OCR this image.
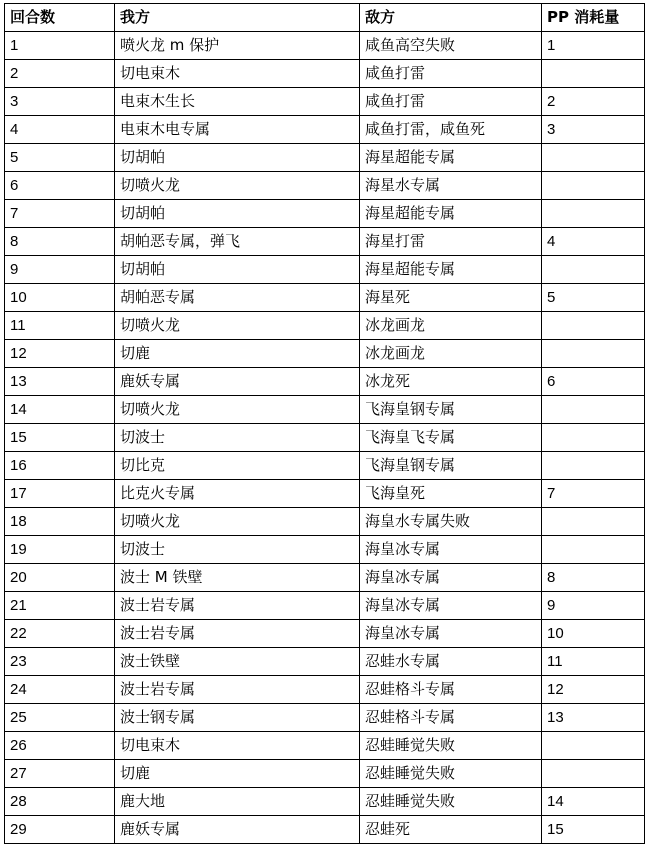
回合数	我方	敌方	PP 消耗量
1	喷火龙 m 保护	咸鱼高空失败	1
2	切电束木	咸鱼打雷	
3	电束木生长	咸鱼打雷	2
4	电束木电专属	咸鱼打雷，咸鱼死	3
5	切胡帕	海星超能专属	
6	切喷火龙	海星水专属	
7	切胡帕	海星超能专属	
8	胡帕恶专属，弹飞	海星打雷	4
9	切胡帕	海星超能专属	
10	胡帕恶专属	海星死	5
11	切喷火龙	冰龙画龙	
12	切鹿	冰龙画龙	
13	鹿妖专属	冰龙死	6
14	切喷火龙	飞海皇钢专属	
15	切波士	飞海皇飞专属	
16	切比克	飞海皇钢专属	
17	比克火专属	飞海皇死	7
18	切喷火龙	海皇水专属失败	
19	切波士	海皇冰专属	
20	波士 M 铁壁	海皇冰专属	8
21	波士岩专属	海皇冰专属	9
22	波士岩专属	海皇冰专属	10
23	波士铁壁	忍蛙水专属	11
24	波士岩专属	忍蛙格斗专属	12
25	波士钢专属	忍蛙格斗专属	13
26	切电束木	忍蛙睡觉失败	
27	切鹿	忍蛙睡觉失败	
28	鹿大地	忍蛙睡觉失败	14
29	鹿妖专属	忍蛙死	15
